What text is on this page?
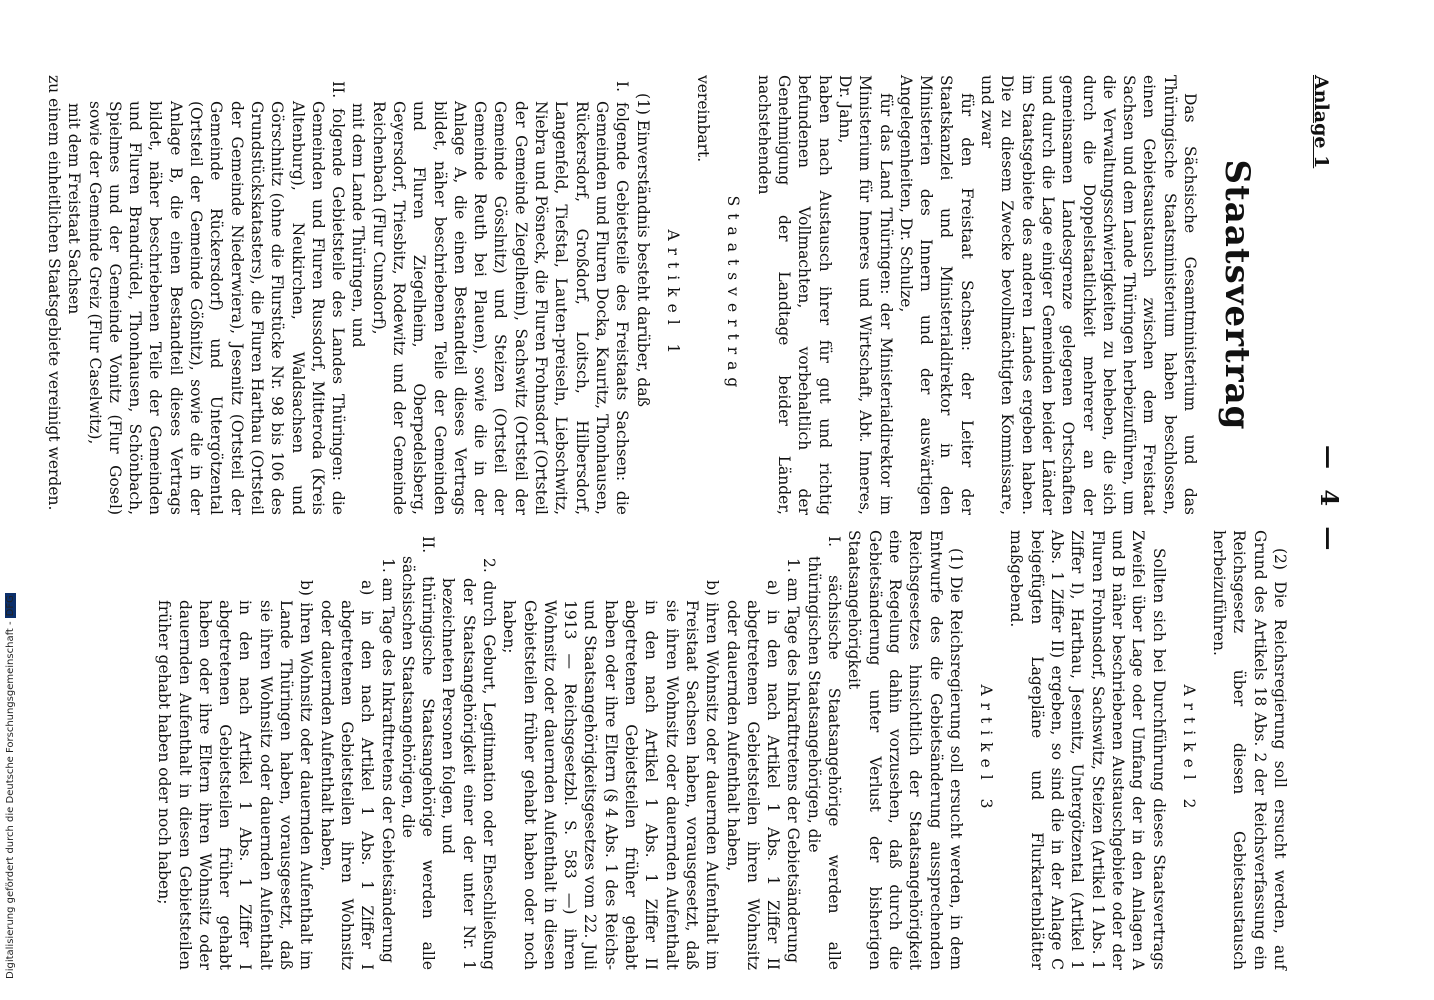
Digitalisierung gefördert durch die Deutsche Forschungsgemeinschaft -DFG
Anlage 1
— 4 —
Staatsvertrag

Das Sächsische Gesamtministerium und das Thüringische Staatsministerium haben beschlossen, einen Gebietsaustausch zwischen dem Freistaat Sachsen und dem Lande Thüringen herbeizuführen, um die Verwaltungsschwierigkeiten zu beheben, die sich durch die Doppelstaatlichkeit mehrerer an der gemeinsamen Landesgrenze gelegenen Ortschaften und durch die Lage einiger Gemeinden beider Länder im Staatsgebiete des anderen Landes ergeben haben. Die zu diesem Zwecke bevollmächtigten Kommissare, und zwar

für den Freistaat Sachsen: der Leiter der Staatskanzlei und Ministerialdirektor in den Ministerien des Innern und der auswärtigen Angelegenheiten, Dr. Schulze,

für das Land Thüringen: der Ministerialdirektor im Ministerium für Inneres und Wirtschaft, Abt. Inneres, Dr. Jahn,

haben nach Austausch ihrer für gut und richtig befundenen Vollmachten, vorbehaltlich der Genehmigung der Landtage beider Länder, nachstehenden

Staatsvertrag

vereinbart.

Artikel 1

(1) Einverständnis besteht darüber, daß

I. folgende Gebietsteile des Freistaats Sachsen: die Gemeinden und Fluren Docka, Kauritz, Thonhausen, Rückersdorf, Großdorf, Loitsch, Hilbersdorf, Langenfeld, Tiefstal, Lauten-preiseln, Liebschwitz, Niebra und Pösneck, die Fluren Frohnsdorf (Ortsteil der Gemeinde Ziegelheim), Sachswitz (Ortsteil der Gemeinde Gösslnitz) und Steizen (Ortsteil der Gemeinde Reuth bei Plauen), sowie die in der Anlage A, die einen Bestandteil dieses Vertrags bildet, näher beschriebenen Teile der Gemeinden und Fluren Ziegelheim, Oberpedelsberg, Geyersdorf, Triesbitz, Rodewitz und der Gemeinde Reichenbach (Flur Cunsdorf),

mit dem Lande Thüringen, und

II. folgende Gebietsteile des Landes Thüringen: die Gemeinden und Fluren Russdorf, Mitteroda (Kreis Altenburg), Neukirchen, Waldsachsen und Görschnitz (ohne die Flurstücke Nr. 98 bis 106 des Grundstückskatasters), die Fluren Harthau (Ortsteil der Gemeinde Niederwiera), Jesenitz (Ortsteil der Gemeinde Rückersdorf) und Untergötzental (Ortsteil der Gemeinde Gößnitz), sowie die in der Anlage B, die einen Bestandteil dieses Vertrags bildet, näher beschriebenen Teile der Gemeinden und Fluren Brandrüdel, Thonhausen, Schönbach, Spielmes und der Gemeinde Vonitz (Flur Gosel) sowie der Gemeinde Greiz (Flur Caselwitz),

mit dem Freistaat Sachsen

zu einem einheitlichen Staatsgebiete vereinigt werden.

(2) Die Reichsregierung soll ersucht werden, auf Grund des Artikels 18 Abs. 2 der Reichsverfassung ein Reichsgesetz über diesen Gebietsaustausch herbeizuführen.

Artikel 2

Sollten sich bei Durchführung dieses Staatsvertrags Zweifel über Lage oder Umfang der in den Anlagen A und B näher beschriebenen Austauschgebiete oder der Fluren Frohnsdorf, Sachswitz, Steizen (Artikel 1 Abs. 1 Ziffer I), Harthau, Jesenitz, Untergötzental (Artikel 1 Abs. 1 Ziffer II) ergeben, so sind die in der Anlage C beigefügten Lagepläne und Flurkartenblätter maßgebend.

Artikel 3

(1) Die Reichsregierung soll ersucht werden, in dem Entwurfe des die Gebietsänderung aussprechenden Reichsgesetzes hinsichtlich der Staatsangehörigkeit eine Regelung dahin vorzusehen, daß durch die Gebietsänderung unter Verlust der bisherigen Staatsangehörigkeit

I. sächsische Staatsangehörige werden alle thüringischen Staatsangehörigen, die

1. am Tage des Inkrafttretens der Gebietsänderung

a) in den nach Artikel 1 Abs. 1 Ziffer II abgetretenen Gebietsteilen ihren Wohnsitz oder dauernden Aufenthalt haben,

b) ihren Wohnsitz oder dauernden Aufenthalt im Freistaat Sachsen haben, vorausgesetzt, daß sie ihren Wohnsitz oder dauernden Aufenthalt in den nach Artikel 1 Abs. 1 Ziffer II abgetretenen Gebietsteilen früher gehabt haben oder ihre Eltern (§ 4 Abs. 1 des Reichs- und Staatsangehörigkeitsgesetzes vom 22. Juli 1913 — Reichsgesetzbl. S. 583 —) ihren Wohnsitz oder dauernden Aufenthalt in diesen Gebietsteilen früher gehabt haben oder noch haben;

2. durch Geburt, Legitimation oder Eheschließung der Staatsangehörigkeit einer der unter Nr. 1 bezeichneten Personen folgen, und

II. thüringische Staatsangehörige werden alle sächsischen Staatsangehörigen, die

1. am Tage des Inkrafttretens der Gebietsänderung

a) in den nach Artikel 1 Abs. 1 Ziffer I abgetretenen Gebietsteilen ihren Wohnsitz oder dauernden Aufenthalt haben,

b) ihren Wohnsitz oder dauernden Aufenthalt im Lande Thüringen haben, vorausgesetzt, daß sie ihren Wohnsitz oder dauernden Aufenthalt in den nach Artikel 1 Abs. 1 Ziffer I abgetretenen Gebietsteilen früher gehabt haben oder ihre Eltern ihren Wohnsitz oder dauernden Aufenthalt in diesen Gebietsteilen früher gehabt haben oder noch haben;
